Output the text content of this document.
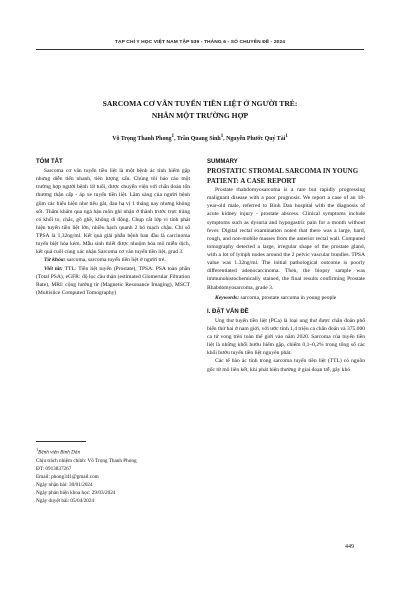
TẠP CHÍ Y HỌC VIỆT NAM TẬP 539 - THÁNG 6 - SỐ CHUYÊN ĐỀ - 2024
SARCOMA CƠ VÂN TUYẾN TIỀN LIỆT Ở NGƯỜI TRẺ:
NHÂN MỘT TRƯỜNG HỢP
Võ Trọng Thanh Phong$^1$, Trần Quang Sinh$^1$, Nguyễn Phước Quý Tài$^1$
TÓM TẮT

Sarcoma cơ vân tuyến tiền liệt là một bệnh ác tính hiếm gặp nhưng diễn tiến nhanh, tiên lượng xấu. Chúng tôi báo cáo một trường hợp người bệnh 18 tuổi, được chuyển viện với chẩn đoán tổn thương thận cấp - áp xe tuyến tiền liệt. Lâm sàng của người bệnh gồm các biểu hiện như tiểu gắt, đau hạ vị 1 tháng nay nhưng không sốt. Thăm khám qua ngả hậu môn ghi nhận ở thành trước trực tràng có khối to, chắc, gồ ghề, không di động. Chụp cắt lớp vi tính phát hiện tuyến tiền liệt lớn, nhiều hạch quanh 2 bó mạch chậu. Chỉ số TPSA là 1,32ng/ml. Kết quả giải phẫu bệnh ban đầu là carcinoma tuyến biệt hóa kém. Mẫu sinh thiết được nhuộm hóa mô miễn dịch, kết quả cuối cùng xác nhận Sarcoma cơ vân tuyến tiền liệt, grad 3.

Từ khóa: sarcoma, sarcoma tuyến tiền liệt ở người trẻ.

Viết tắt: TTL: Tiền liệt tuyến (Prostate), TPSA: PSA toàn phần (Total PSA), eGFR: độ lọc cầu thận (estimated Glomerular Filtration Rate), MRI: cộng hưởng từ (Magnetic Resonance Imaging), MSCT (Multislice Computed Tomography)

$^1$Bệnh viện Bình Dân
Chịu trách nhiệm chính: Võ Trọng Thanh Phong
ĐT: 0913837267
Email: phong341@gmail.com
Ngày nhận bài: 30/01/2024
Ngày phản biện khoa học: 29/03/2024
Ngày duyệt bài: 05/04/2024
SUMMARY
PROSTATIC STROMAL SARCOMA IN YOUNG PATIENT: A CASE REPORT

Prostate rhabdomyosarcoma is a rare but rapidly progressing malignant disease with a poor prognosis. We report a case of an 18-year-old male, referred to Binh Dan hospital with the diagnosis of acute kidney injury - prostate abscess. Clinical symptoms include symptoms such as dysuria and hypogastric pain for a month without fever. Digital rectal examination noted that there was a large, hard, rough, and non-mobile masses from the anterior rectal wall. Computed tomography detected a large, irregular shape of the prostate gland, with a lot of lymph nodes around the 2 pelvic vascular bundles. TPSA value was 1.32ng/ml. The initial pathological outcome is poorly differentiated adenocarcinoma. Then, the biopsy sample was immunohistochemically stained, the final results confirming Prostate Rhabdomyosarcoma, grade 3.

Keywords: sarcoma, prostate sarcoma in young people

I. ĐẶT VẤN ĐỀ

Ung thư tuyến tiền liệt (PCa) là loại ung thư được chẩn đoán phổ biến thứ hai ở nam giới, với ước tính 1,4 triệu ca chẩn đoán và 375.000 ca tử vong trên toàn thế giới vào năm 2020. Sarcoma của tuyến tiền liệt là những khối bướu hiếm gặp, chiếm 0,1–0,2% trong tổng số các khối bướu tuyến tiền liệt nguyên phát.

Các tế bào ác tính trong sarcoma tuyến tiền liệt (TTL) có nguồn gốc từ mô liên kết, khi phát hiện thường ở giai đoạn trễ, gây khó

449
